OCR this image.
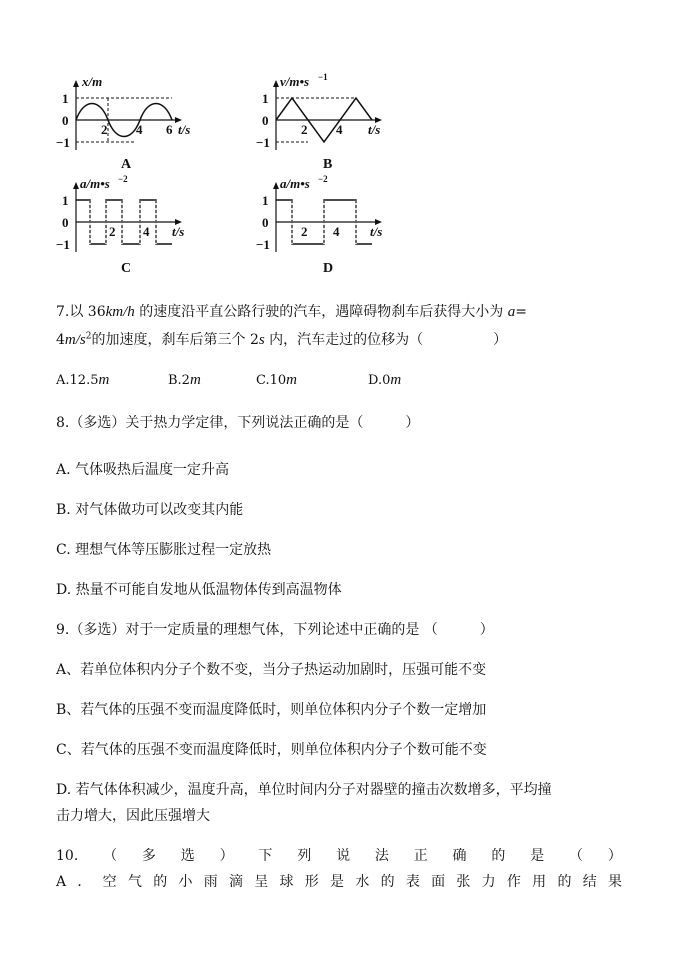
x/m
1
0
−1
2 4 6 t/s
A
v/m•s −1
1
0
−1
2 4 t/s
B
a/m•s −2
1
0
−1
2 4 t/s
C
a/m•s −2
1
0
−1
2 4 t/s
D
7.以 36km/h 的速度沿平直公路行驶的汽车，遇障碍物刹车后获得大小为 a=
$4m/s^2$的加速度，刹车后第三个 2s 内，汽车走过的位移为（　　　　　）
A.12.5m	B.2m	C.10m	D.0m
8.（多选）关于热力学定律，下列说法正确的是（　　　）
A. 气体吸热后温度一定升高
B. 对气体做功可以改变其内能
C. 理想气体等压膨胀过程一定放热
D. 热量不可能自发地从低温物体传到高温物体
9.（多选）对于一定质量的理想气体，下列论述中正确的是 （　　　）
A、若单位体积内分子个数不变，当分子热运动加剧时，压强可能不变
B、若气体的压强不变而温度降低时，则单位体积内分子个数一定增加
C、若气体的压强不变而温度降低时，则单位体积内分子个数可能不变
D. 若气体体积减少，温度升高，单位时间内分子对器壁的撞击次数增多，平均撞
击力增大，因此压强增大
10. （ 多 选 ） 下 列 说 法 正 确 的 是 （ ）
A ． 空 气 的 小 雨 滴 呈 球 形 是 水 的 表 面 张 力 作 用 的 结 果
